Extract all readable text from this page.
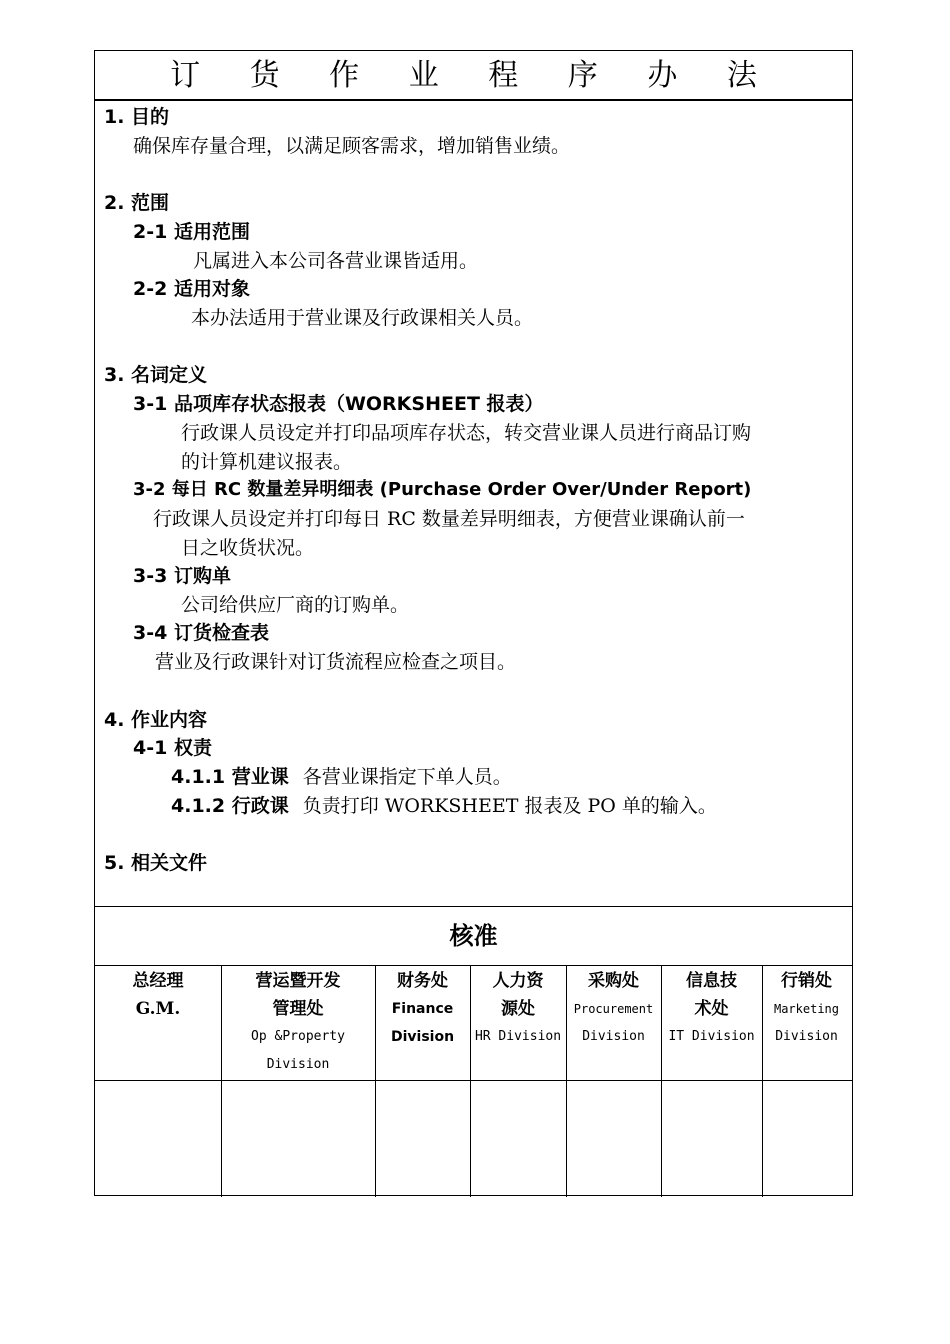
订 货 作 业 程 序 办 法
1. 目的
确保库存量合理，以满足顾客需求，增加销售业绩。
2. 范围
2-1 适用范围
凡属进入本公司各营业课皆适用。
2-2 适用对象
本办法适用于营业课及行政课相关人员。
3. 名词定义
3-1 品项库存状态报表（WORKSHEET 报表）
行政课人员设定并打印品项库存状态，转交营业课人员进行商品订购
的计算机建议报表。
3-2 每日 RC 数量差异明细表 (Purchase Order Over/Under Report)
行政课人员设定并打印每日 RC 数量差异明细表，方便营业课确认前一
日之收货状况。
3-3 订购单
公司给供应厂商的订购单。
3-4 订货检查表
营业及行政课针对订货流程应检查之项目。
4. 作业内容
4-1 权责
4.1.1 营业课 各营业课指定下单人员。
4.1.2 行政课 负责打印 WORKSHEET 报表及 PO 单的输入。
5. 相关文件
核准
总经理
G.M.
营运暨开发
管理处
Op &Property
Division
财务处
Finance
Division
人力资
源处
HR Division
采购处
Procurement
Division
信息技
术处
IT Division
行销处
Marketing
Division
